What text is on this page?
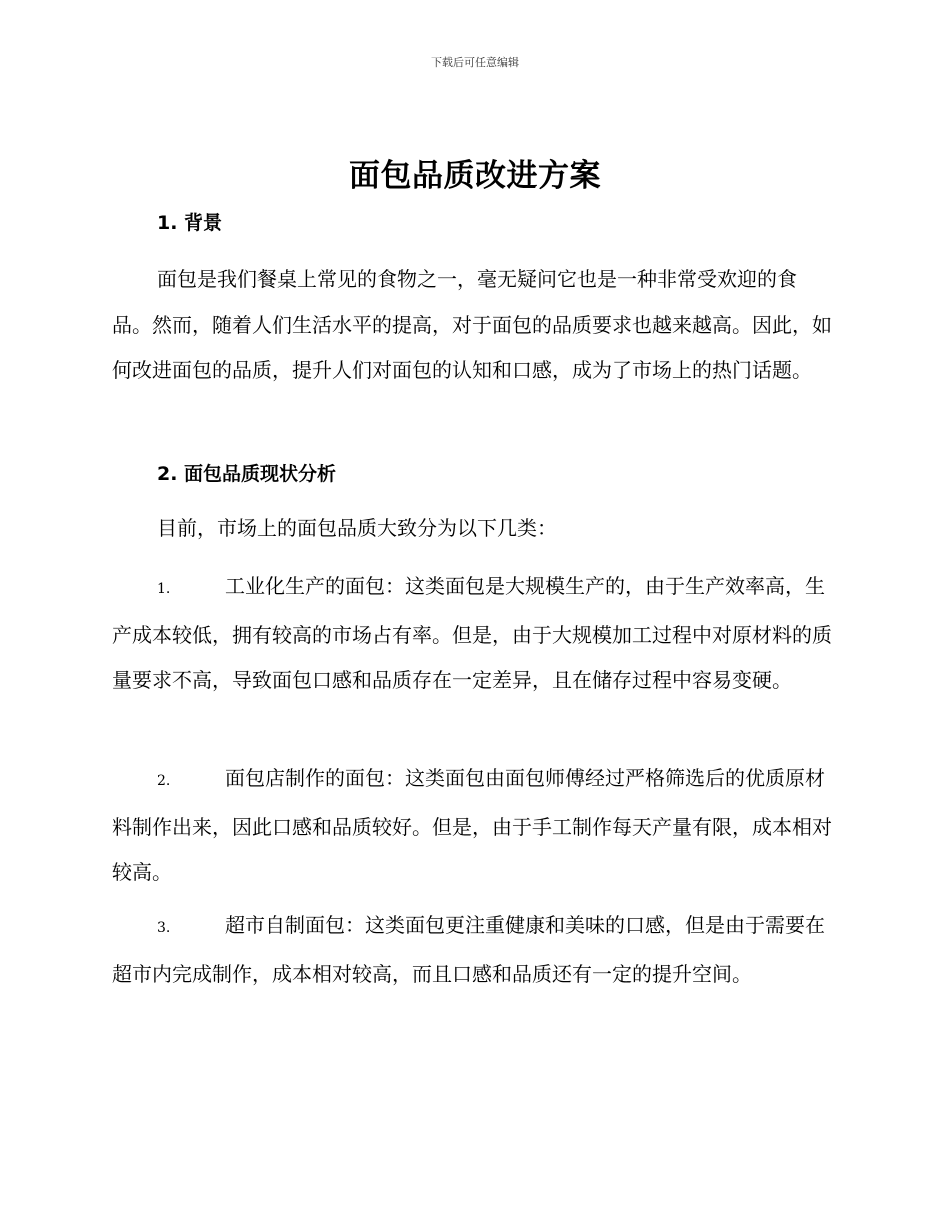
下载后可任意编辑
面包品质改进方案
1. 背景

面包是我们餐桌上常见的食物之一，毫无疑问它也是一种非常受欢迎的食品。然而，随着人们生活水平的提高，对于面包的品质要求也越来越高。因此，如何改进面包的品质，提升人们对面包的认知和口感，成为了市场上的热门话题。

2. 面包品质现状分析

目前，市场上的面包品质大致分为以下几类：

1.	工业化生产的面包：这类面包是大规模生产的，由于生产效率高，生产成本较低，拥有较高的市场占有率。但是，由于大规模加工过程中对原材料的质量要求不高，导致面包口感和品质存在一定差异，且在储存过程中容易变硬。

2.	面包店制作的面包：这类面包由面包师傅经过严格筛选后的优质原材料制作出来，因此口感和品质较好。但是，由于手工制作每天产量有限，成本相对较高。

3.	超市自制面包：这类面包更注重健康和美味的口感，但是由于需要在超市内完成制作，成本相对较高，而且口感和品质还有一定的提升空间。
